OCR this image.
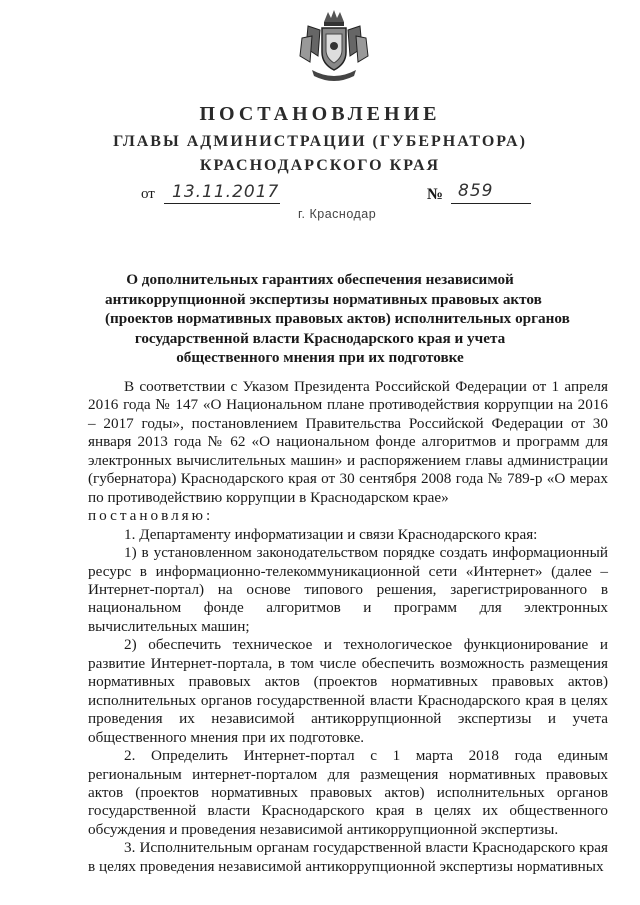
ПОСТАНОВЛЕНИЕ
ГЛАВЫ АДМИНИСТРАЦИИ (ГУБЕРНАТОРА)
КРАСНОДАРСКОГО КРАЯ
от 13.11.2017	№ 859
г. Краснодар
О дополнительных гарантиях обеспечения независимой
антикоррупционной экспертизы нормативных правовых актов
(проектов нормативных правовых актов) исполнительных органов
государственной власти Краснодарского края и учета
общественного мнения при их подготовке

В соответствии с Указом Президента Российской Федерации от 1 апреля 2016 года № 147 «О Национальном плане противодействия коррупции на 2016 – 2017 годы», постановлением Правительства Российской Федерации от 30 января 2013 года № 62 «О национальном фонде алгоритмов и программ для электронных вычислительных машин» и распоряжением главы администрации (губернатора) Краснодарского края от 30 сентября 2008 года № 789-р «О мерах по противодействию коррупции в Краснодарском крае»

постановляю:

1. Департаменту информатизации и связи Краснодарского края:

1) в установленном законодательством порядке создать информационный ресурс в информационно-телекоммуникационной сети «Интернет» (далее – Интернет-портал) на основе типового решения, зарегистрированного в национальном фонде алгоритмов и программ для электронных вычислительных машин;

2) обеспечить техническое и технологическое функционирование и развитие Интернет-портала, в том числе обеспечить возможность размещения нормативных правовых актов (проектов нормативных правовых актов) исполнительных органов государственной власти Краснодарского края в целях проведения их независимой антикоррупционной экспертизы и учета общественного мнения при их подготовке.

2. Определить Интернет-портал с 1 марта 2018 года единым региональным интернет-порталом для размещения нормативных правовых актов (проектов нормативных правовых актов) исполнительных органов государственной власти Краснодарского края в целях их общественного обсуждения и проведения независимой антикоррупционной экспертизы.

3. Исполнительным органам государственной власти Краснодарского края в целях проведения независимой антикоррупционной экспертизы нормативных
